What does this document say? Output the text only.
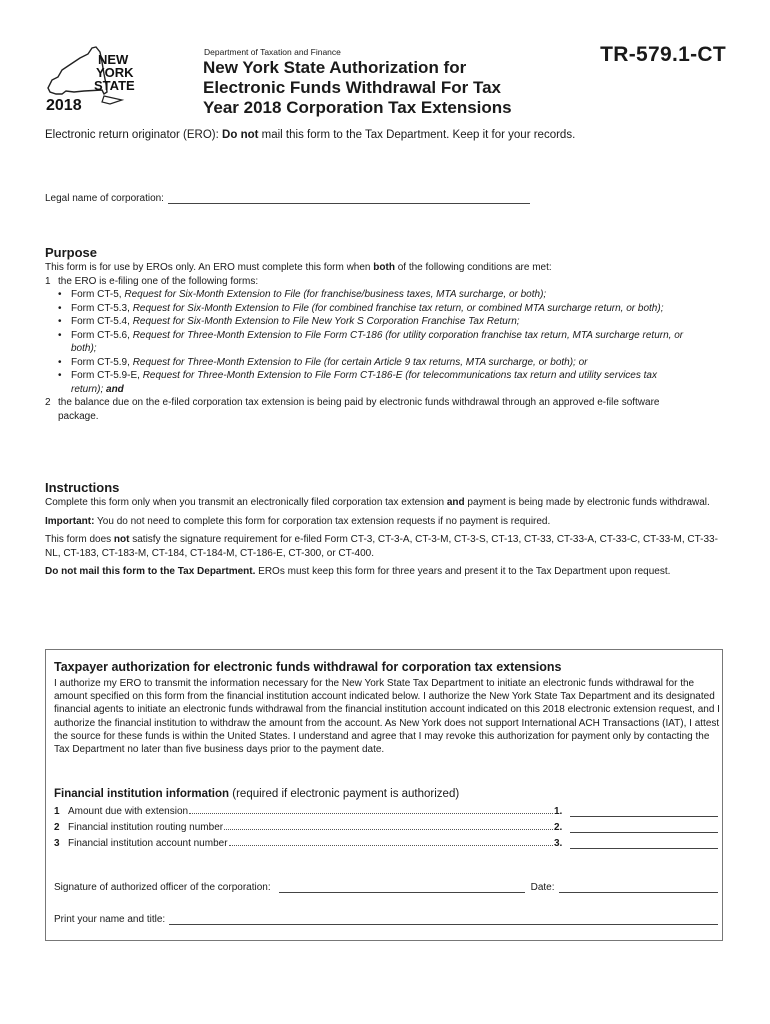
NEW
YORK
STATE
2018
Department of Taxation and Finance
New York State Authorization for
Electronic Funds Withdrawal For Tax
Year 2018 Corporation Tax Extensions
TR-579.1-CT
Electronic return originator (ERO): Do not mail this form to the Tax Department. Keep it for your records.
Legal name of corporation:
Purpose

This form is for use by EROs only. An ERO must complete this form when both of the following conditions are met:

1 the ERO is e-filing one of the following forms:
• Form CT-5, Request for Six-Month Extension to File (for franchise/business taxes, MTA surcharge, or both);
• Form CT-5.3, Request for Six-Month Extension to File (for combined franchise tax return, or combined MTA surcharge return, or both);
• Form CT-5.4, Request for Six-Month Extension to File New York S Corporation Franchise Tax Return;
• Form CT-5.6, Request for Three-Month Extension to File Form CT-186 (for utility corporation franchise tax return, MTA surcharge return, or both);
• Form CT-5.9, Request for Three-Month Extension to File (for certain Article 9 tax returns, MTA surcharge, or both); or
• Form CT-5.9-E, Request for Three-Month Extension to File Form CT-186-E (for telecommunications tax return and utility services tax return); and
2 the balance due on the e-filed corporation tax extension is being paid by electronic funds withdrawal through an approved e-file software package.
Instructions

Complete this form only when you transmit an electronically filed corporation tax extension and payment is being made by electronic funds withdrawal.

Important: You do not need to complete this form for corporation tax extension requests if no payment is required.

This form does not satisfy the signature requirement for e-filed Form CT-3, CT-3-A, CT-3-M, CT-3-S, CT-13, CT-33, CT-33-A, CT-33-C, CT-33-M, CT-33-NL, CT-183, CT-183-M, CT-184, CT-184-M, CT-186-E, CT-300, or CT-400.

Do not mail this form to the Tax Department. EROs must keep this form for three years and present it to the Tax Department upon request.

Taxpayer authorization for electronic funds withdrawal for corporation tax extensions
I authorize my ERO to transmit the information necessary for the New York State Tax Department to initiate an electronic funds withdrawal for the amount specified on this form from the financial institution account indicated below. I authorize the New York State Tax Department and its designated financial agents to initiate an electronic funds withdrawal from the financial institution account indicated on this 2018 electronic extension request, and I authorize the financial institution to withdraw the amount from the account. As New York does not support International ACH Transactions (IAT), I attest the source for these funds is within the United States. I understand and agree that I may revoke this authorization for payment only by contacting the Tax Department no later than five business days prior to the payment date.
Financial institution information (required if electronic payment is authorized)
1 Amount due with extension	1.
2 Financial institution routing number	2.
3 Financial institution account number	3.
Signature of authorized officer of the corporation:	Date:
Print your name and title:
